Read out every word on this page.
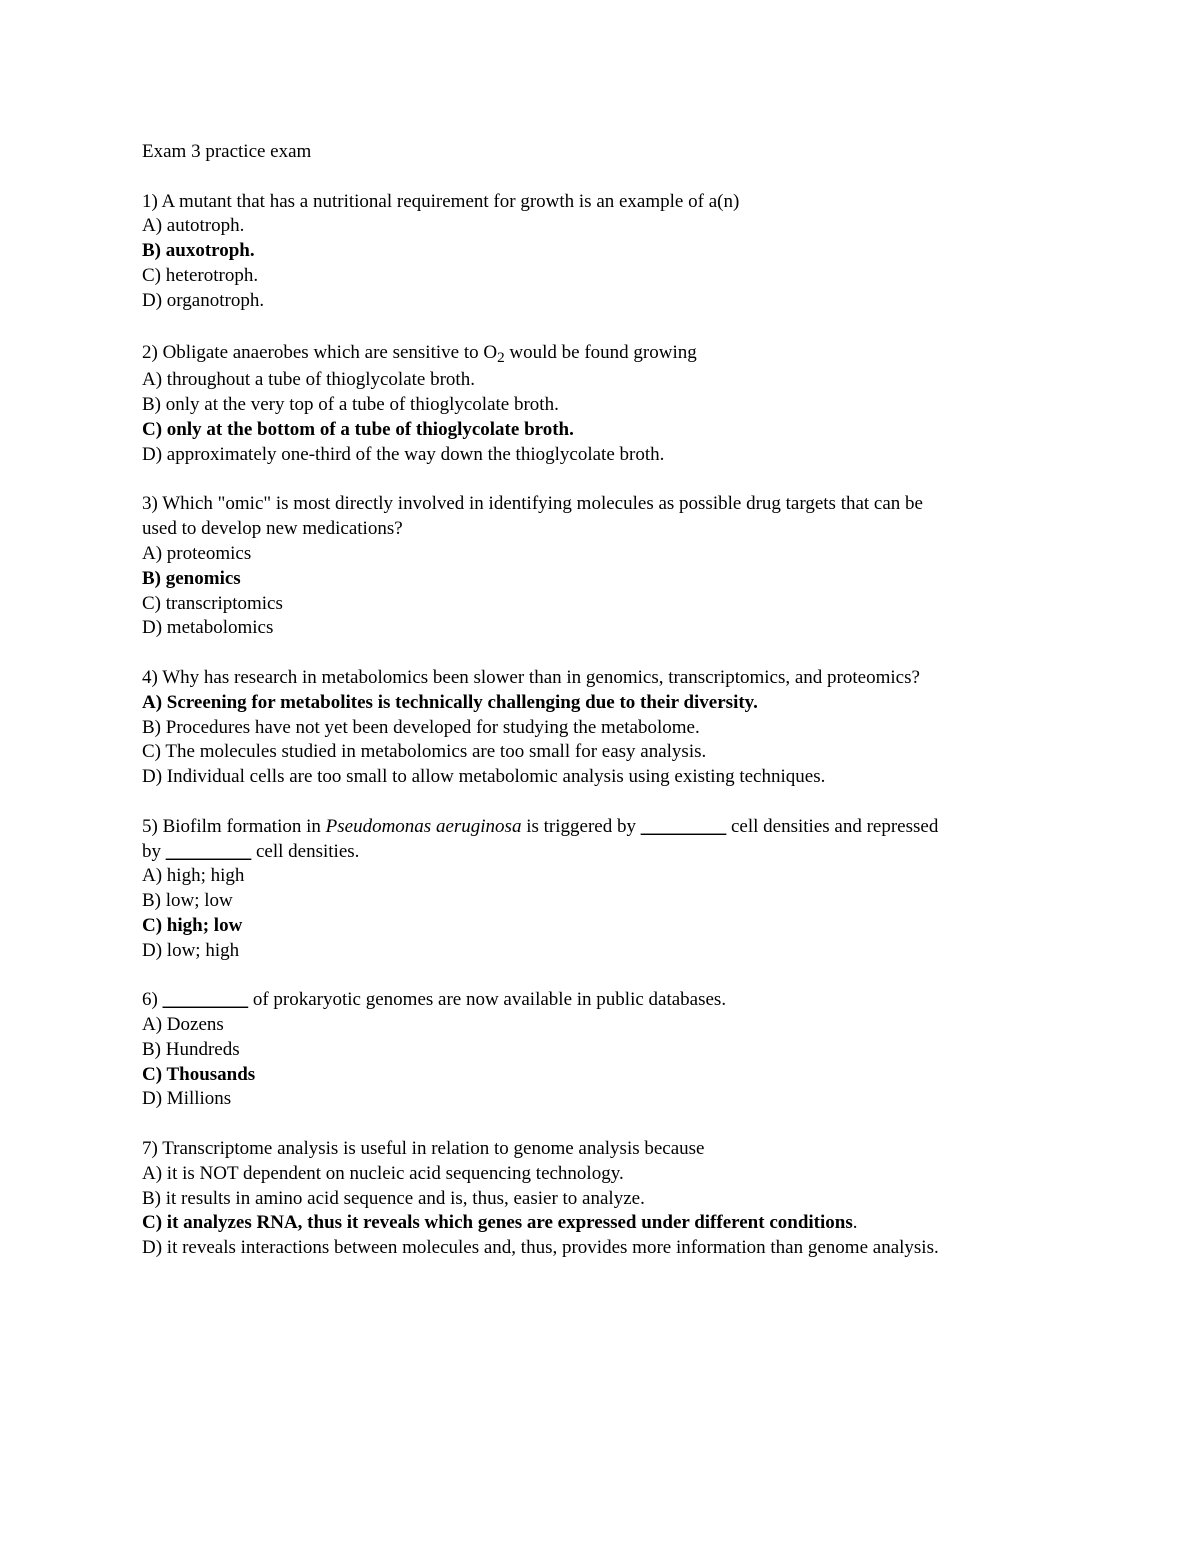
Exam 3 practice exam
1) A mutant that has a nutritional requirement for growth is an example of a(n)
A) autotroph.
B) auxotroph.
C) heterotroph.
D) organotroph.
2) Obligate anaerobes which are sensitive to $O_2$ would be found growing
A) throughout a tube of thioglycolate broth.
B) only at the very top of a tube of thioglycolate broth.
C) only at the bottom of a tube of thioglycolate broth.
D) approximately one-third of the way down the thioglycolate broth.
3) Which "omic" is most directly involved in identifying molecules as possible drug targets that can be
used to develop new medications?
A) proteomics
B) genomics
C) transcriptomics
D) metabolomics
4) Why has research in metabolomics been slower than in genomics, transcriptomics, and proteomics?
A) Screening for metabolites is technically challenging due to their diversity.
B) Procedures have not yet been developed for studying the metabolome.
C) The molecules studied in metabolomics are too small for easy analysis.
D) Individual cells are too small to allow metabolomic analysis using existing techniques.
5) Biofilm formation in Pseudomonas aeruginosa is triggered by _________ cell densities and repressed
by _________ cell densities.
A) high; high
B) low; low
C) high; low
D) low; high
6) _________ of prokaryotic genomes are now available in public databases.
A) Dozens
B) Hundreds
C) Thousands
D) Millions
7) Transcriptome analysis is useful in relation to genome analysis because
A) it is NOT dependent on nucleic acid sequencing technology.
B) it results in amino acid sequence and is, thus, easier to analyze.
C) it analyzes RNA, thus it reveals which genes are expressed under different conditions.
D) it reveals interactions between molecules and, thus, provides more information than genome analysis.
